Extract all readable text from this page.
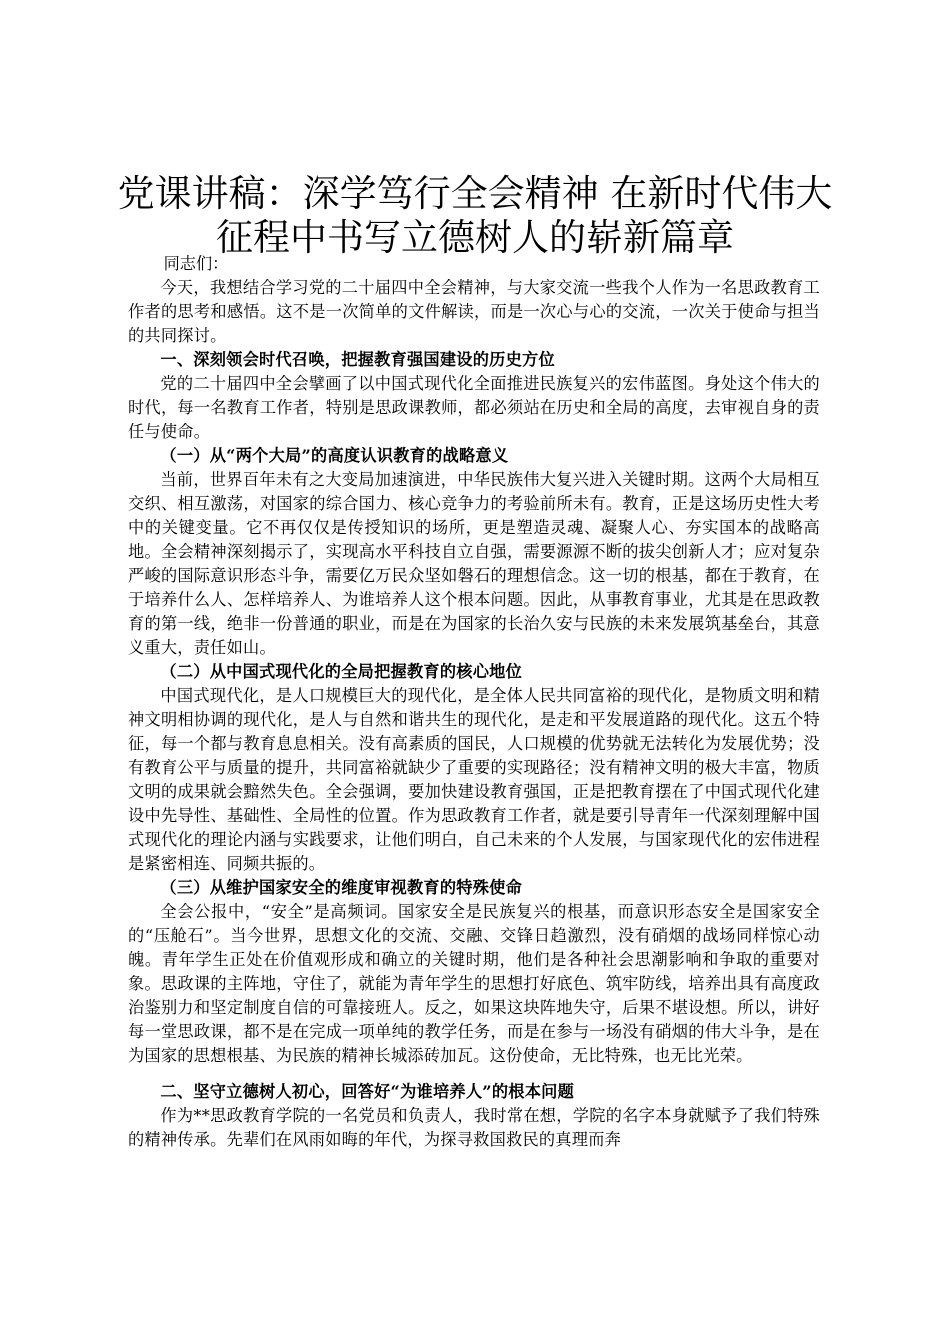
党课讲稿：深学笃行全会精神 在新时代伟大征程中书写立德树人的崭新篇章

同志们：

今天，我想结合学习党的二十届四中全会精神，与大家交流一些我个人作为一名思政教育工作者的思考和感悟。这不是一次简单的文件解读，而是一次心与心的交流，一次关于使命与担当的共同探讨。

一、深刻领会时代召唤，把握教育强国建设的历史方位

党的二十届四中全会擘画了以中国式现代化全面推进民族复兴的宏伟蓝图。身处这个伟大的时代，每一名教育工作者，特别是思政课教师，都必须站在历史和全局的高度，去审视自身的责任与使命。

（一）从“两个大局”的高度认识教育的战略意义

当前，世界百年未有之大变局加速演进，中华民族伟大复兴进入关键时期。这两个大局相互交织、相互激荡，对国家的综合国力、核心竞争力的考验前所未有。教育，正是这场历史性大考中的关键变量。它不再仅仅是传授知识的场所，更是塑造灵魂、凝聚人心、夯实国本的战略高地。全会精神深刻揭示了，实现高水平科技自立自强，需要源源不断的拔尖创新人才；应对复杂严峻的国际意识形态斗争，需要亿万民众坚如磐石的理想信念。这一切的根基，都在于教育，在于培养什么人、怎样培养人、为谁培养人这个根本问题。因此，从事教育事业，尤其是在思政教育的第一线，绝非一份普通的职业，而是在为国家的长治久安与民族的未来发展筑基垒台，其意义重大，责任如山。

（二）从中国式现代化的全局把握教育的核心地位

中国式现代化，是人口规模巨大的现代化，是全体人民共同富裕的现代化，是物质文明和精神文明相协调的现代化，是人与自然和谐共生的现代化，是走和平发展道路的现代化。这五个特征，每一个都与教育息息相关。没有高素质的国民，人口规模的优势就无法转化为发展优势；没有教育公平与质量的提升，共同富裕就缺少了重要的实现路径；没有精神文明的极大丰富，物质文明的成果就会黯然失色。全会强调，要加快建设教育强国，正是把教育摆在了中国式现代化建设中先导性、基础性、全局性的位置。作为思政教育工作者，就是要引导青年一代深刻理解中国式现代化的理论内涵与实践要求，让他们明白，自己未来的个人发展，与国家现代化的宏伟进程是紧密相连、同频共振的。

（三）从维护国家安全的维度审视教育的特殊使命

全会公报中，“安全”是高频词。国家安全是民族复兴的根基，而意识形态安全是国家安全的“压舱石”。当今世界，思想文化的交流、交融、交锋日趋激烈，没有硝烟的战场同样惊心动魄。青年学生正处在价值观形成和确立的关键时期，他们是各种社会思潮影响和争取的重要对象。思政课的主阵地，守住了，就能为青年学生的思想打好底色、筑牢防线，培养出具有高度政治鉴别力和坚定制度自信的可靠接班人。反之，如果这块阵地失守，后果不堪设想。所以，讲好每一堂思政课，都不是在完成一项单纯的教学任务，而是在参与一场没有硝烟的伟大斗争，是在为国家的思想根基、为民族的精神长城添砖加瓦。这份使命，无比特殊，也无比光荣。

二、坚守立德树人初心，回答好“为谁培养人”的根本问题

作为**思政教育学院的一名党员和负责人，我时常在想，学院的名字本身就赋予了我们特殊的精神传承。先辈们在风雨如晦的年代，为探寻救国救民的真理而奔
